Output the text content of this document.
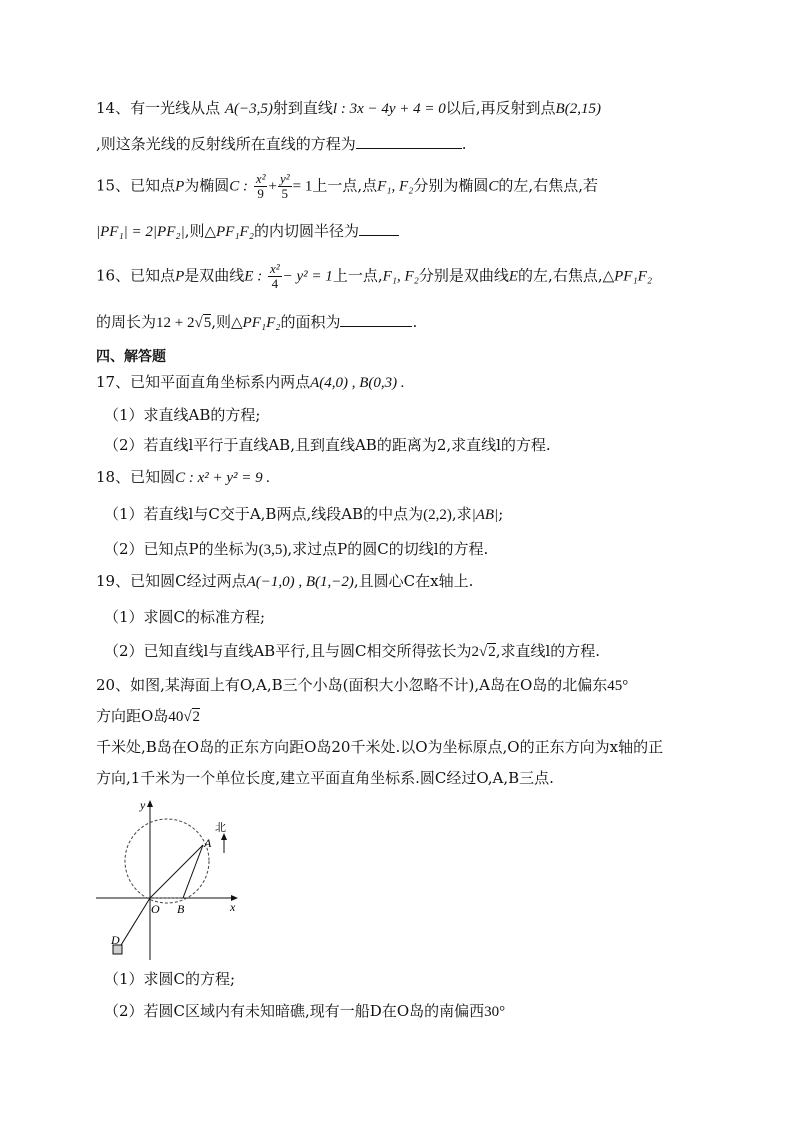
14、有一光线从点 A(−3,5)射到直线l : 3x − 4y + 4 = 0以后,再反射到点B(2,15)
,则这条光线的反射线所在直线的方程为	.
15、已知点P为椭圆C : $\frac{\text{x²}}{9} + \frac{\text{y²}}{5} = 1$上一点,点F₁, F₂分别为椭圆C的左,右焦点,若
|PF₁| = 2|PF₂|,则△PF₁F₂的内切圆半径为
16、已知点P是双曲线E : $\frac{\text{x²}}{4} - y^2 = 1$上一点,F₁, F₂分别是双曲线E的左,右焦点,△PF₁F₂
的周长为12 + 2√5,则△PF₁F₂的面积为	.
四、解答题
17、已知平面直角坐标系内两点A(4,0) , B(0,3) .
（1）求直线AB的方程;
（2）若直线l平行于直线AB,且到直线AB的距离为2,求直线l的方程.
18、已知圆C : x² + y² = 9 .
（1）若直线l与C交于A,B两点,线段AB的中点为(2,2),求|AB|;
（2）已知点P的坐标为(3,5),求过点P的圆C的切线l的方程.
19、已知圆C经过两点A(−1,0) , B(1,−2),且圆心C在x轴上.
（1）求圆C的标准方程;
（2）已知直线l与直线AB平行,且与圆C相交所得弦长为2√2,求直线l的方程.
20、如图,某海面上有O,A,B三个小岛(面积大小忽略不计),A岛在O岛的北偏东45°
方向距O岛40√2
千米处,B岛在O岛的正东方向距O岛20千米处.以O为坐标原点,O的正东方向为x轴的正
方向,1千米为一个单位长度,建立平面直角坐标系.圆C经过O,A,B三点.
y
x
北
A
O B
D
（1）求圆C的方程;
（2）若圆C区域内有未知暗礁,现有一船D在O岛的南偏西30°
